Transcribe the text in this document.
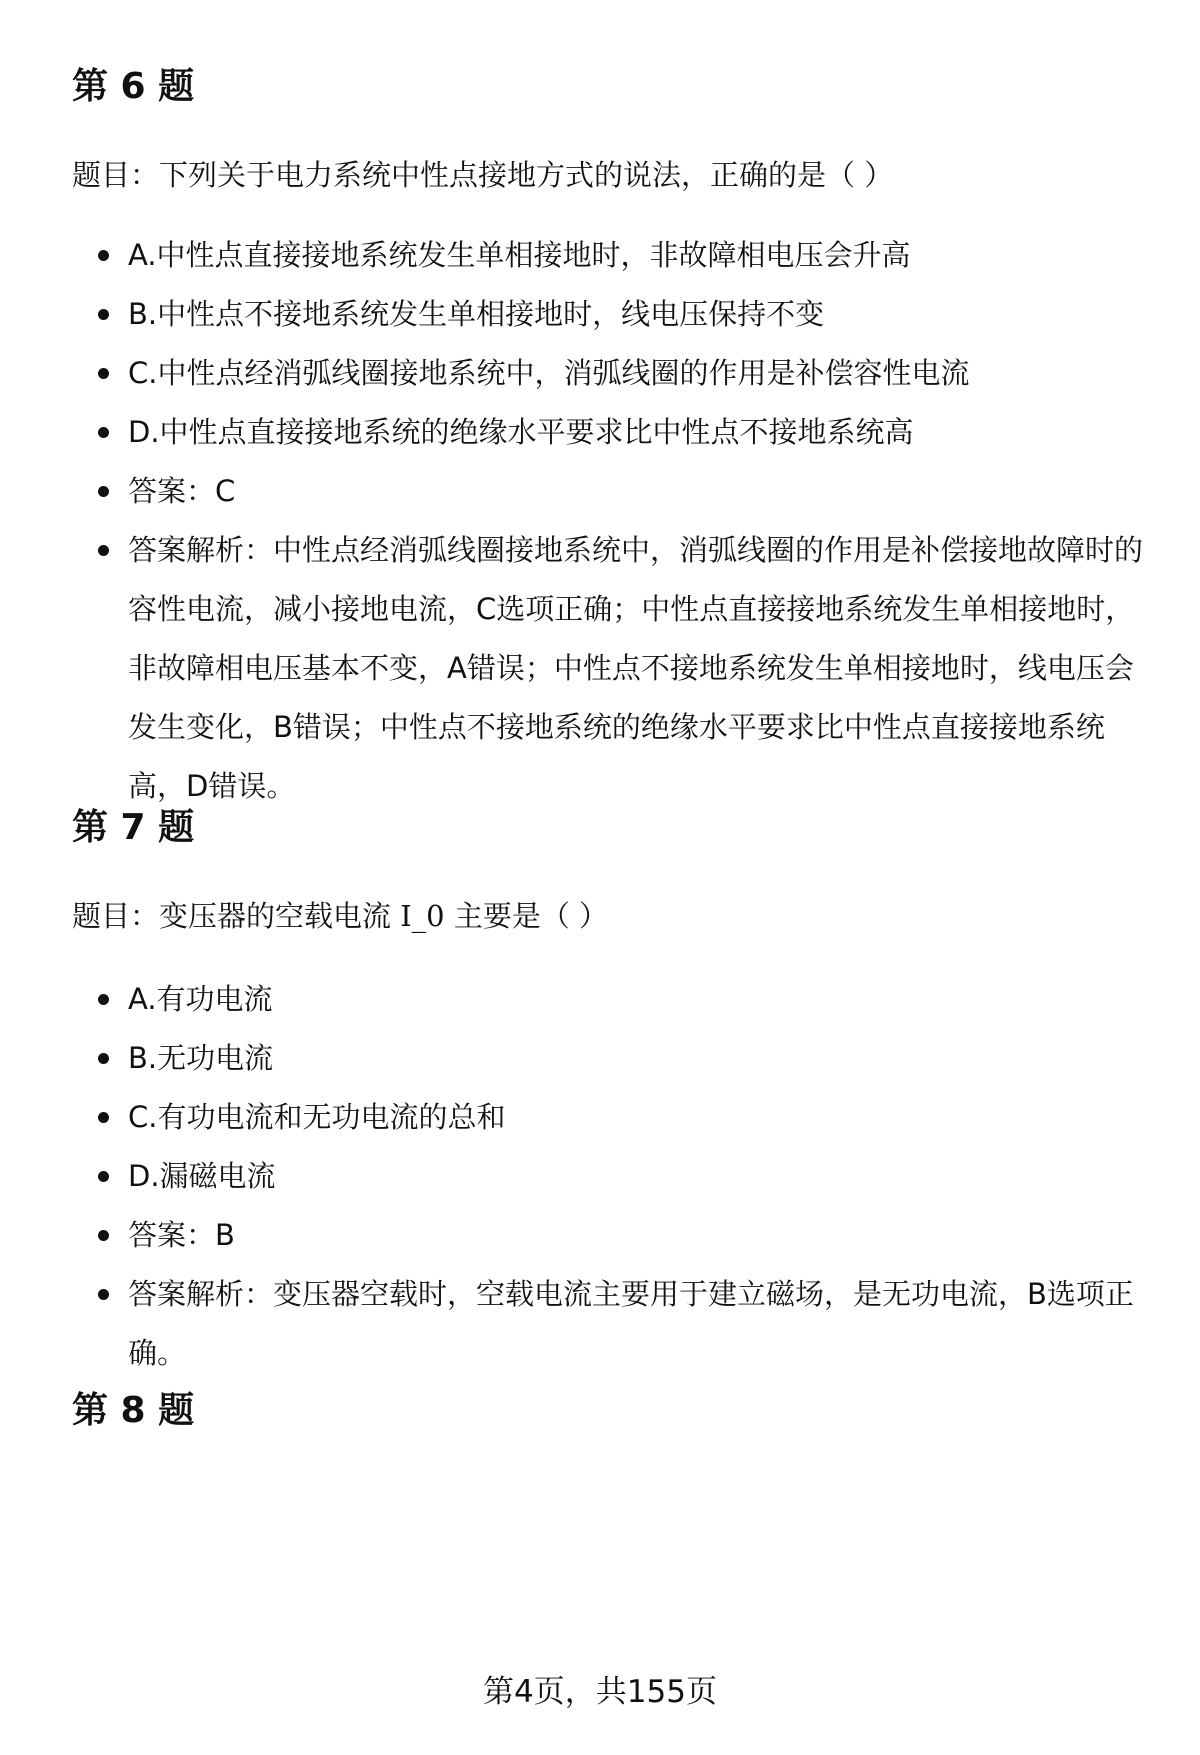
第 6 题

题目：下列关于电力系统中性点接地方式的说法，正确的是（ ）

A.中性点直接接地系统发生单相接地时，非故障相电压会升高
B.中性点不接地系统发生单相接地时，线电压保持不变
C.中性点经消弧线圈接地系统中，消弧线圈的作用是补偿容性电流
D.中性点直接接地系统的绝缘水平要求比中性点不接地系统高
答案：C
答案解析：中性点经消弧线圈接地系统中，消弧线圈的作用是补偿接地故障时的容性电流，减小接地电流，C选项正确；中性点直接接地系统发生单相接地时，非故障相电压基本不变，A错误；中性点不接地系统发生单相接地时，线电压会发生变化，B错误；中性点不接地系统的绝缘水平要求比中性点直接接地系统高，D错误。
第 7 题

题目：变压器的空载电流 I_0 主要是（ ）

A.有功电流
B.无功电流
C.有功电流和无功电流的总和
D.漏磁电流
答案：B
答案解析：变压器空载时，空载电流主要用于建立磁场，是无功电流，B选项正确。
第 8 题
第4页，共155页
